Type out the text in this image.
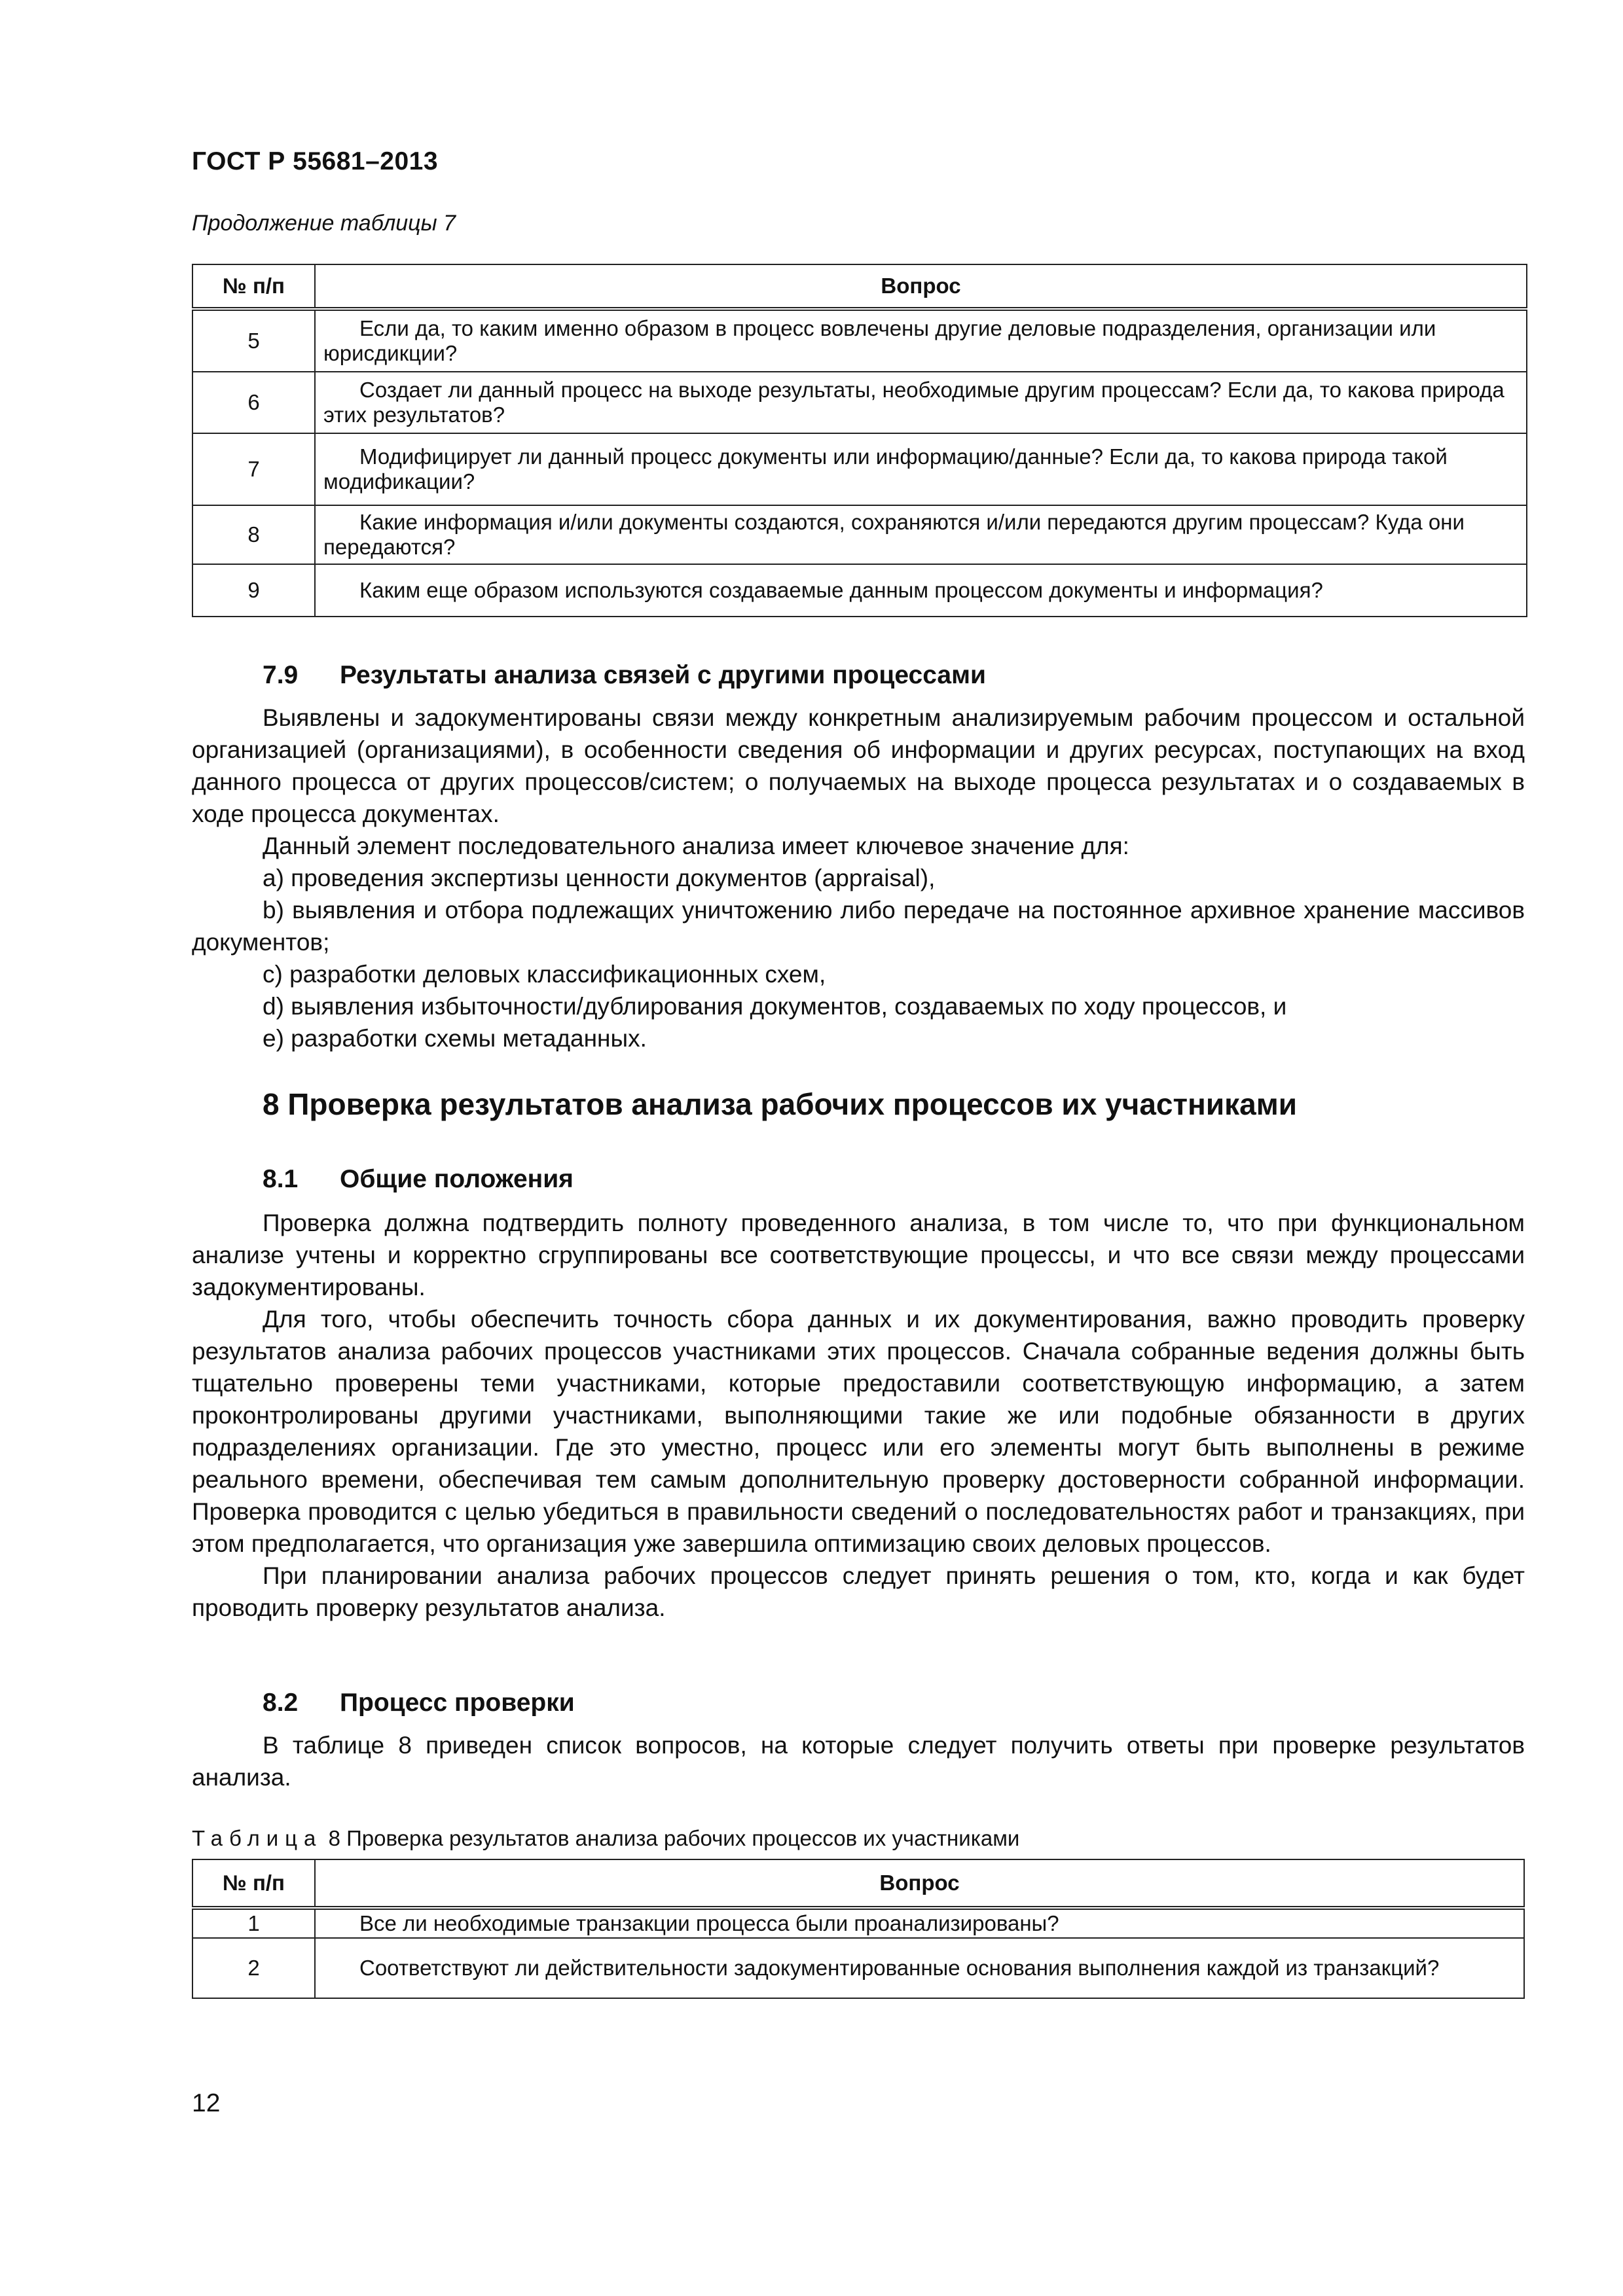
ГОСТ Р 55681–2013
Продолжение таблицы 7
№ п/п	Вопрос
5	Если да, то каким именно образом в процесс вовлечены другие деловые подразделения, организации или юрисдикции?

6	Создает ли данный процесс на выходе результаты, необходимые другим процессам? Если да, то какова природа этих результатов?

7	Модифицирует ли данный процесс документы или информацию/данные? Если да, то какова природа такой модификации?

8	Какие информация и/или документы создаются, сохраняются и/или передаются другим процессам? Куда они передаются?

9	Каким еще образом используются создаваемые данным процессом документы и информация?
7.9 Результаты анализа связей с другими процессами
Выявлены и задокументированы связи между конкретным анализируемым рабочим процессом и остальной организацией (организациями), в особенности сведения об информации и других ресурсах, поступающих на вход данного процесса от других процессов/систем; о получаемых на выходе процесса результатах и о создаваемых в ходе процесса документах.
Данный элемент последовательного анализа имеет ключевое значение для:
a) проведения экспертизы ценности документов (appraisal),
b) выявления и отбора подлежащих уничтожению либо передаче на постоянное архивное хранение массивов документов;
c) разработки деловых классификационных схем,
d) выявления избыточности/дублирования документов, создаваемых по ходу процессов, и
e) разработки схемы метаданных.
8 Проверка результатов анализа рабочих процессов их участниками
8.1 Общие положения
Проверка должна подтвердить полноту проведенного анализа, в том числе то, что при функциональном анализе учтены и корректно сгруппированы все соответствующие процессы, и что все связи между процессами задокументированы.
Для того, чтобы обеспечить точность сбора данных и их документирования, важно проводить проверку результатов анализа рабочих процессов участниками этих процессов. Сначала собранные ведения должны быть тщательно проверены теми участниками, которые предоставили соответствующую информацию, а затем проконтролированы другими участниками, выполняющими такие же или подобные обязанности в других подразделениях организации. Где это уместно, процесс или его элементы могут быть выполнены в режиме реального времени, обеспечивая тем самым дополнительную проверку достоверности собранной информации. Проверка проводится с целью убедиться в правильности сведений о последовательностях работ и транзакциях, при этом предполагается, что организация уже завершила оптимизацию своих деловых процессов.
При планировании анализа рабочих процессов следует принять решения о том, кто, когда и как будет проводить проверку результатов анализа.
8.2 Процесс проверки
В таблице 8 приведен список вопросов, на которые следует получить ответы при проверке результатов анализа.
Таблица 8 Проверка результатов анализа рабочих процессов их участниками
№ п/п	Вопрос
1	Все ли необходимые транзакции процесса были проанализированы?

2	Соответствуют ли действительности задокументированные основания выполнения каждой из транзакций?
12
